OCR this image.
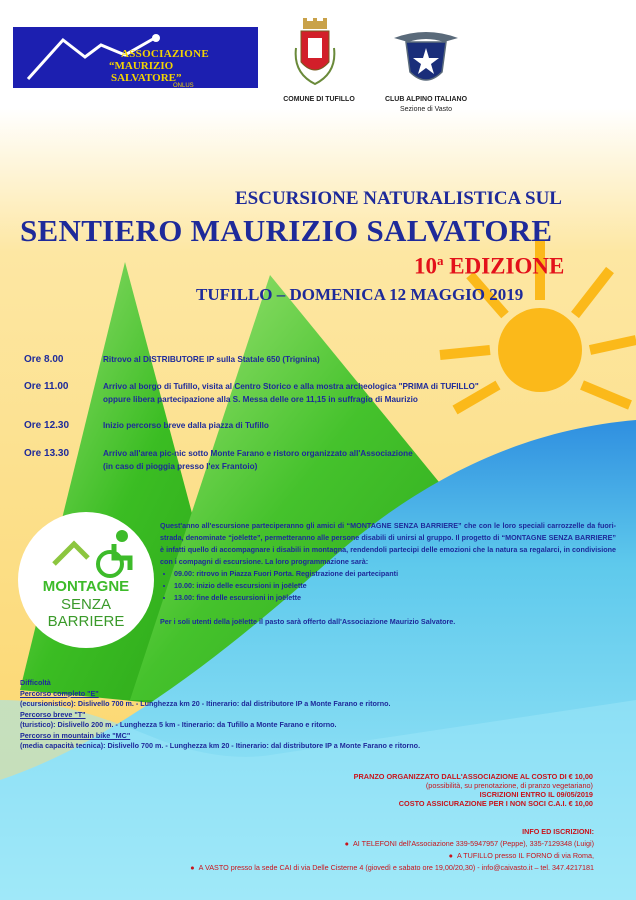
ASSOCIAZIONE
“MAURIZIO
SALVATORE”
ONLUS
COMUNE DI TUFILLO	CLUB ALPINO ITALIANO
Sezione di Vasto
ESCURSIONE NATURALISTICA SUL
SENTIERO MAURIZIO SALVATORE
10$^a$ EDIZIONE
TUFILLO – DOMENICA 12 MAGGIO 2019
Ore 8.00	Ritrovo al DISTRIBUTORE IP sulla Statale 650 (Trignina)
Ore 11.00	Arrivo al borgo di Tufillo, visita al Centro Storico e alla mostra archeologica "PRIMA di TUFILLO"
oppure libera partecipazione alla S. Messa delle ore 11,15 in suffragio di Maurizio
Ore 12.30	Inizio percorso breve dalla piazza di Tufillo
Ore 13.30	Arrivo all'area pic-nic sotto Monte Farano e ristoro organizzato all'Associazione
(in caso di pioggia presso l'ex Frantoio)
MONTAGNE
SENZA
BARRIERE
Quest'anno all'escursione parteciperanno gli amici di “MONTAGNE SENZA BARRIERE” che con le loro speciali carrozzelle da fuori-strada, denominate “joëlette”, permetteranno alle persone disabili di unirsi al gruppo. Il progetto di “MONTAGNE SENZA BARRIERE” è infatti quello di accompagnare i disabili in montagna, rendendoli partecipi delle emozioni che la natura sa regalarci, in condivisione con i compagni di escursione. La loro programmazione sarà:
• 09.00: ritrovo in Piazza Fuori Porta. Registrazione dei partecipanti
• 10.00: inizio delle escursioni in joëlette
• 13.00: fine delle escursioni in joëlette
Per i soli utenti della joëlette il pasto sarà offerto dall'Associazione Maurizio Salvatore.
Difficoltà
Percorso completo "E"
(ecursionistico): Dislivello 700 m. - Lunghezza km 20 - Itinerario: dal distributore IP a Monte Farano e ritorno.
Percorso breve "T"
(turistico): Dislivello 200 m. - Lunghezza 5 km - Itinerario: da Tufillo a Monte Farano e ritorno.
Percorso in mountain bike "MC"
(media capacità tecnica): Dislivello 700 m. - Lunghezza km 20 - Itinerario: dal distributore IP a Monte Farano e ritorno.
PRANZO ORGANIZZATO DALL'ASSOCIAZIONE AL COSTO DI € 10,00
(possibilità, su prenotazione, di pranzo vegetariano)
ISCRIZIONI ENTRO IL 09/05/2019
COSTO ASSICURAZIONE PER I NON SOCI C.A.I. € 10,00
INFO ED ISCRIZIONI:
●  AI TELEFONI dell'Associazione 339-5947957 (Peppe), 335-7129348 (Luigi)
●  A TUFILLO presso IL FORNO di via Roma,
●  A VASTO presso la sede CAI di via Delle Cisterne 4 (giovedì e sabato ore 19,00/20,30) - info@caivasto.it – tel. 347.4217181
